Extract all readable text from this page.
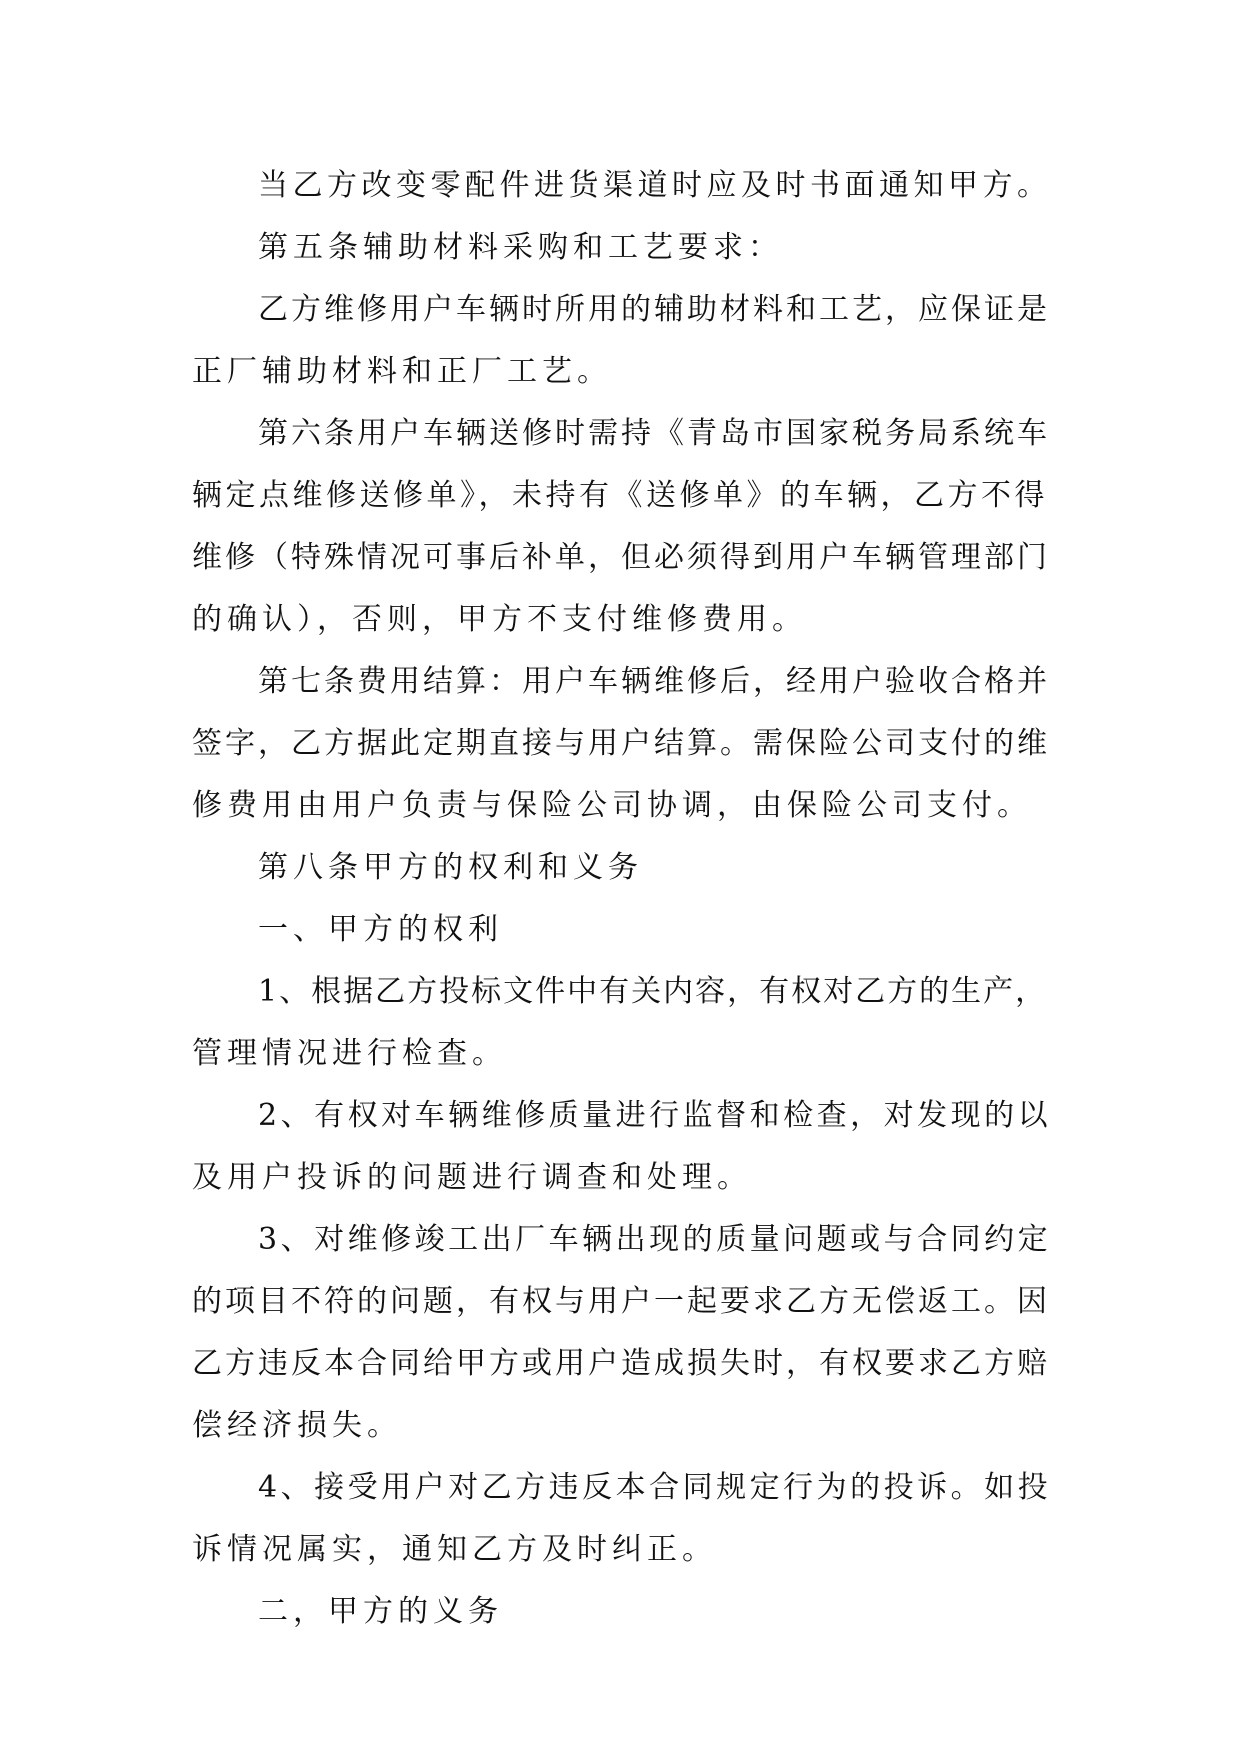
当乙方改变零配件进货渠道时应及时书面通知甲方。

第五条辅助材料采购和工艺要求：

乙方维修用户车辆时所用的辅助材料和工艺，应保证是

正厂辅助材料和正厂工艺。

第六条用户车辆送修时需持《青岛市国家税务局系统车

辆定点维修送修单》，未持有《送修单》的车辆，乙方不得

维修（特殊情况可事后补单，但必须得到用户车辆管理部门

的确认），否则，甲方不支付维修费用。

第七条费用结算：用户车辆维修后，经用户验收合格并

签字，乙方据此定期直接与用户结算。需保险公司支付的维

修费用由用户负责与保险公司协调，由保险公司支付。

第八条甲方的权利和义务

一、甲方的权利

1、根据乙方投标文件中有关内容，有权对乙方的生产，

管理情况进行检查。

2、有权对车辆维修质量进行监督和检查，对发现的以

及用户投诉的问题进行调查和处理。

3、对维修竣工出厂车辆出现的质量问题或与合同约定

的项目不符的问题，有权与用户一起要求乙方无偿返工。因

乙方违反本合同给甲方或用户造成损失时，有权要求乙方赔

偿经济损失。

4、接受用户对乙方违反本合同规定行为的投诉。如投

诉情况属实，通知乙方及时纠正。

二，甲方的义务
